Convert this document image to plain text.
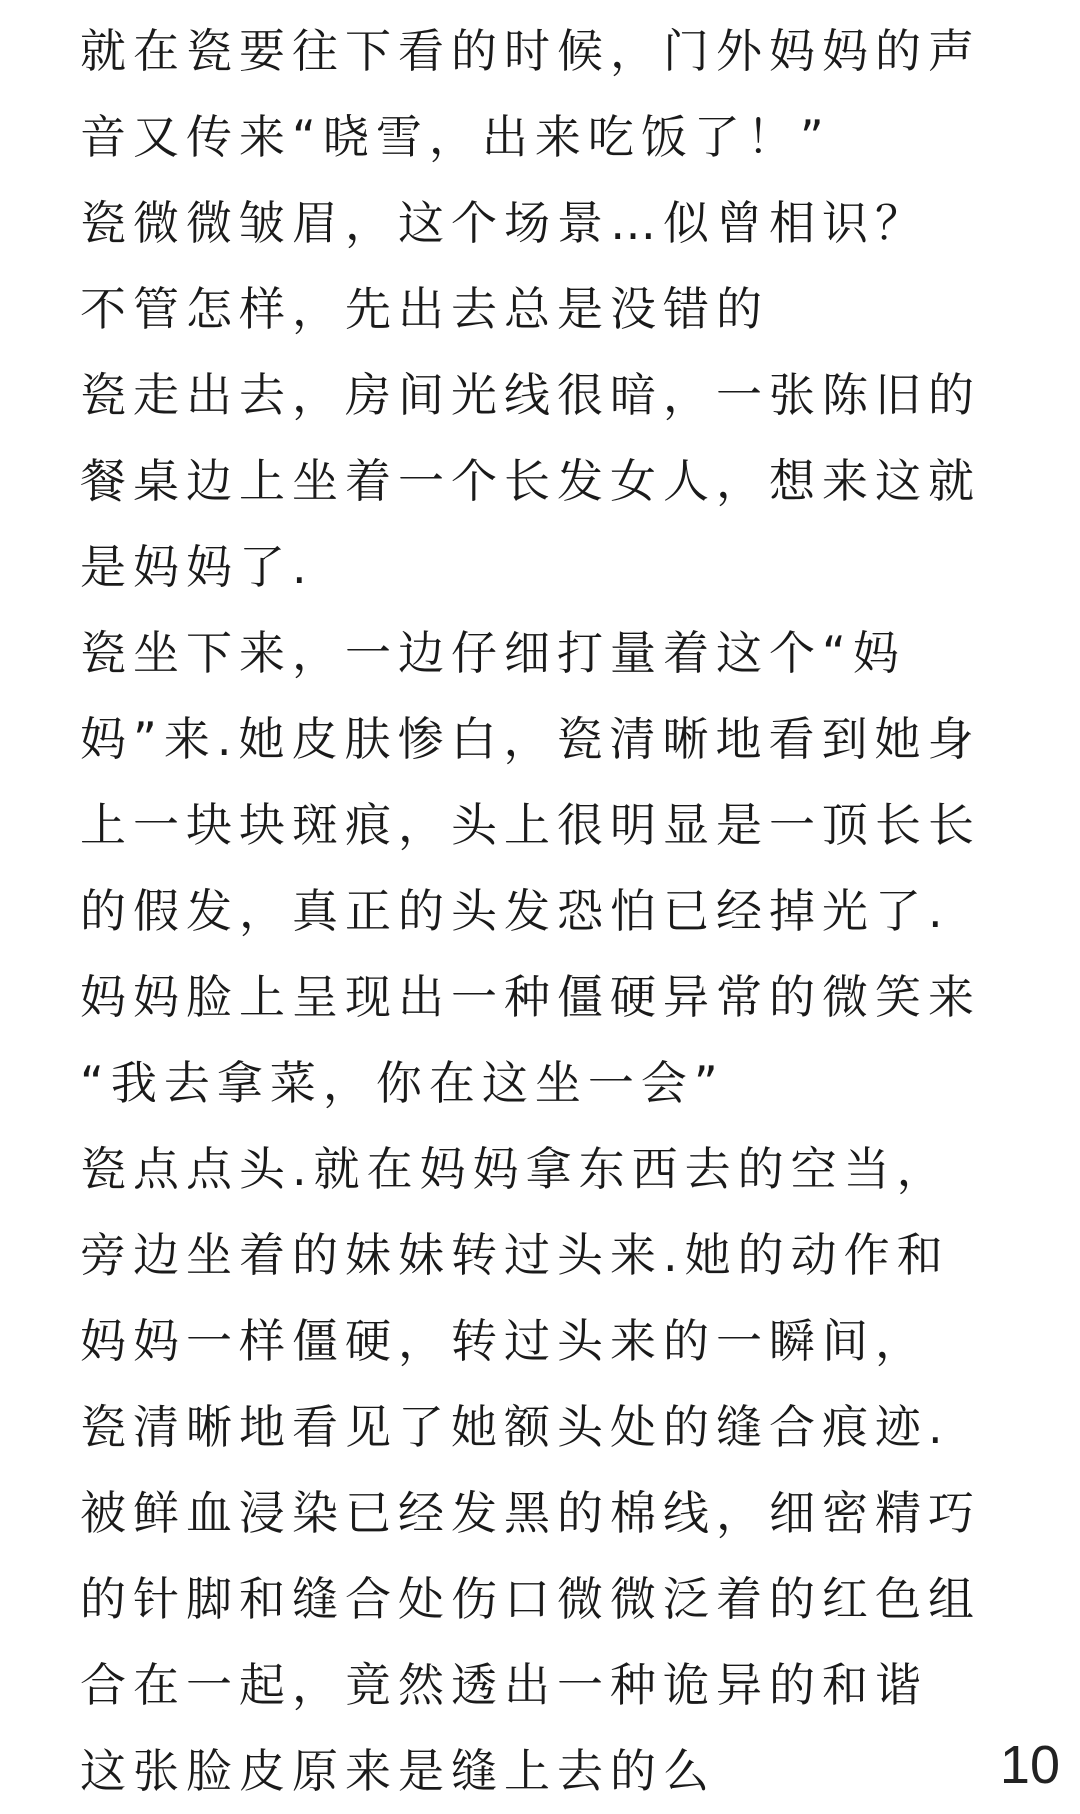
就在瓷要往下看的时候，门外妈妈的声
音又传来“晓雪，出来吃饭了！”
瓷微微皱眉，这个场景…似曾相识？
不管怎样，先出去总是没错的
瓷走出去，房间光线很暗，一张陈旧的
餐桌边上坐着一个长发女人，想来这就
是妈妈了.
瓷坐下来，一边仔细打量着这个“妈
妈”来.她皮肤惨白，瓷清晰地看到她身
上一块块斑痕，头上很明显是一顶长长
的假发，真正的头发恐怕已经掉光了.
妈妈脸上呈现出一种僵硬异常的微笑来
“我去拿菜，你在这坐一会”
瓷点点头.就在妈妈拿东西去的空当，
旁边坐着的妹妹转过头来.她的动作和
妈妈一样僵硬，转过头来的一瞬间，
瓷清晰地看见了她额头处的缝合痕迹.
被鲜血浸染已经发黑的棉线，细密精巧
的针脚和缝合处伤口微微泛着的红色组
合在一起，竟然透出一种诡异的和谐
这张脸皮原来是缝上去的么	10
